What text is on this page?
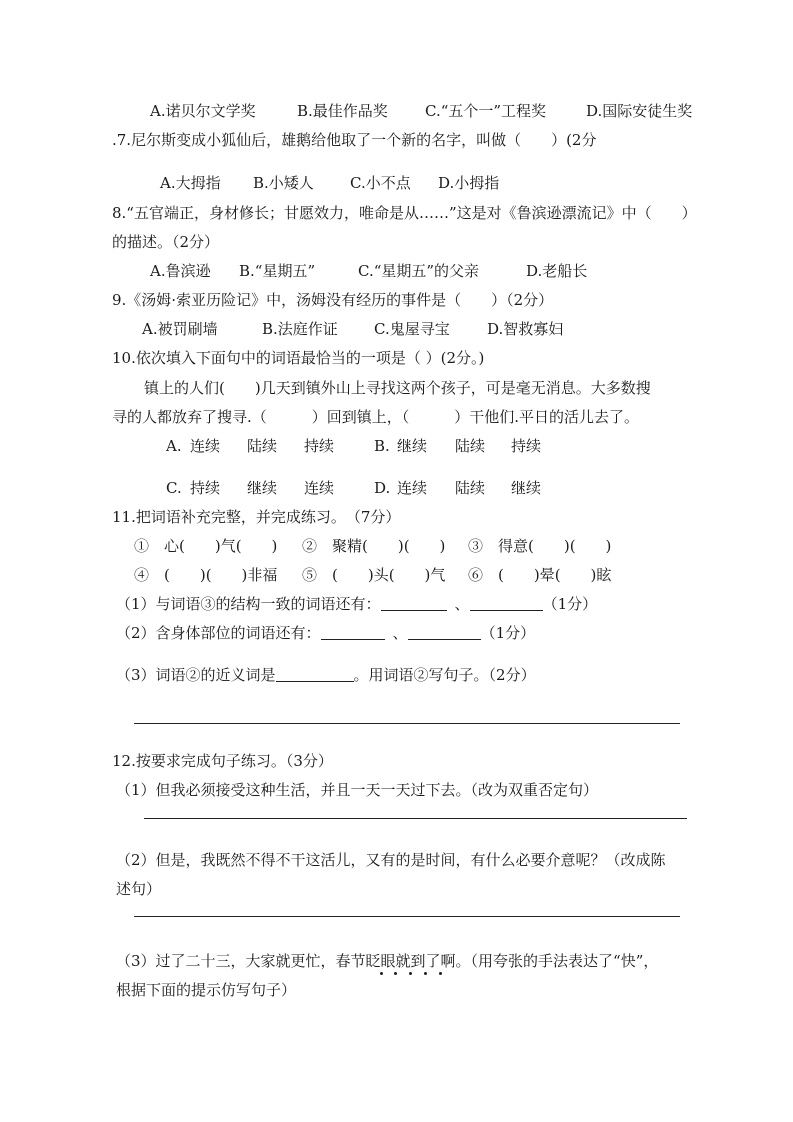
A.诺贝尔文学奖	B.最佳作品奖 C.“五个一”工程奖	D.国际安徒生奖
.7.尼尔斯变成小狐仙后，雄鹅给他取了一个新的名字，叫做（　　）(2分
A.大拇指 B.小矮人 C.小不点 D.小拇指
8.“五官端正，身材修长；甘愿效力，唯命是从……”这是对《鲁滨逊漂流记》中（　　）
的描述。（2分）
A.鲁滨逊 B.“星期五”	C.“星期五”的父亲	D.老船长
9.《汤姆·索亚历险记》中，汤姆没有经历的事件是（　　）（2分）
A.被罚刷墙	B.法庭作证 C.鬼屋寻宝 D.智救寡妇
10.依次填入下面句中的词语最恰当的一项是（ ）(2分。)
镇上的人们(　　)几天到镇外山上寻找这两个孩子，可是毫无消息。大多数搜
寻的人都放弃了搜寻.（　　　）回到镇上，（　　　）干他们.平日的活儿去了。
A. 连续 陆续 持续	B. 继续 陆续 持续
C. 持续 继续 连续	D. 连续 陆续 继续
11.把词语补充完整，并完成练习。　（7分）
①　心(　　)气(　　) ②　聚精(　　)(　　) ③　得意(　　)(　　)
④　(　　)(　　)非福 ⑤　(　　)头(　　)气 ⑥　(　　)晕(　　)眩
（1）与词语③的结构一致的词语还有：	、	（1分）
（2）含身体部位的词语还有：	、	（1分）
（3）词语②的近义词是	。用词语②写句子。（2分）
12.按要求完成句子练习。（3分）
（1）但我必须接受这种生活，并且一天一天过下去。（改为双重否定句）
（2）但是，我既然不得不干这活儿，又有的是时间，有什么必要介意呢？（改成陈
述句）
（3）过了二十三，大家就更忙，春节眨眼就到了啊。（用夸张的手法表达了“快”，
根据下面的提示仿写句子）
